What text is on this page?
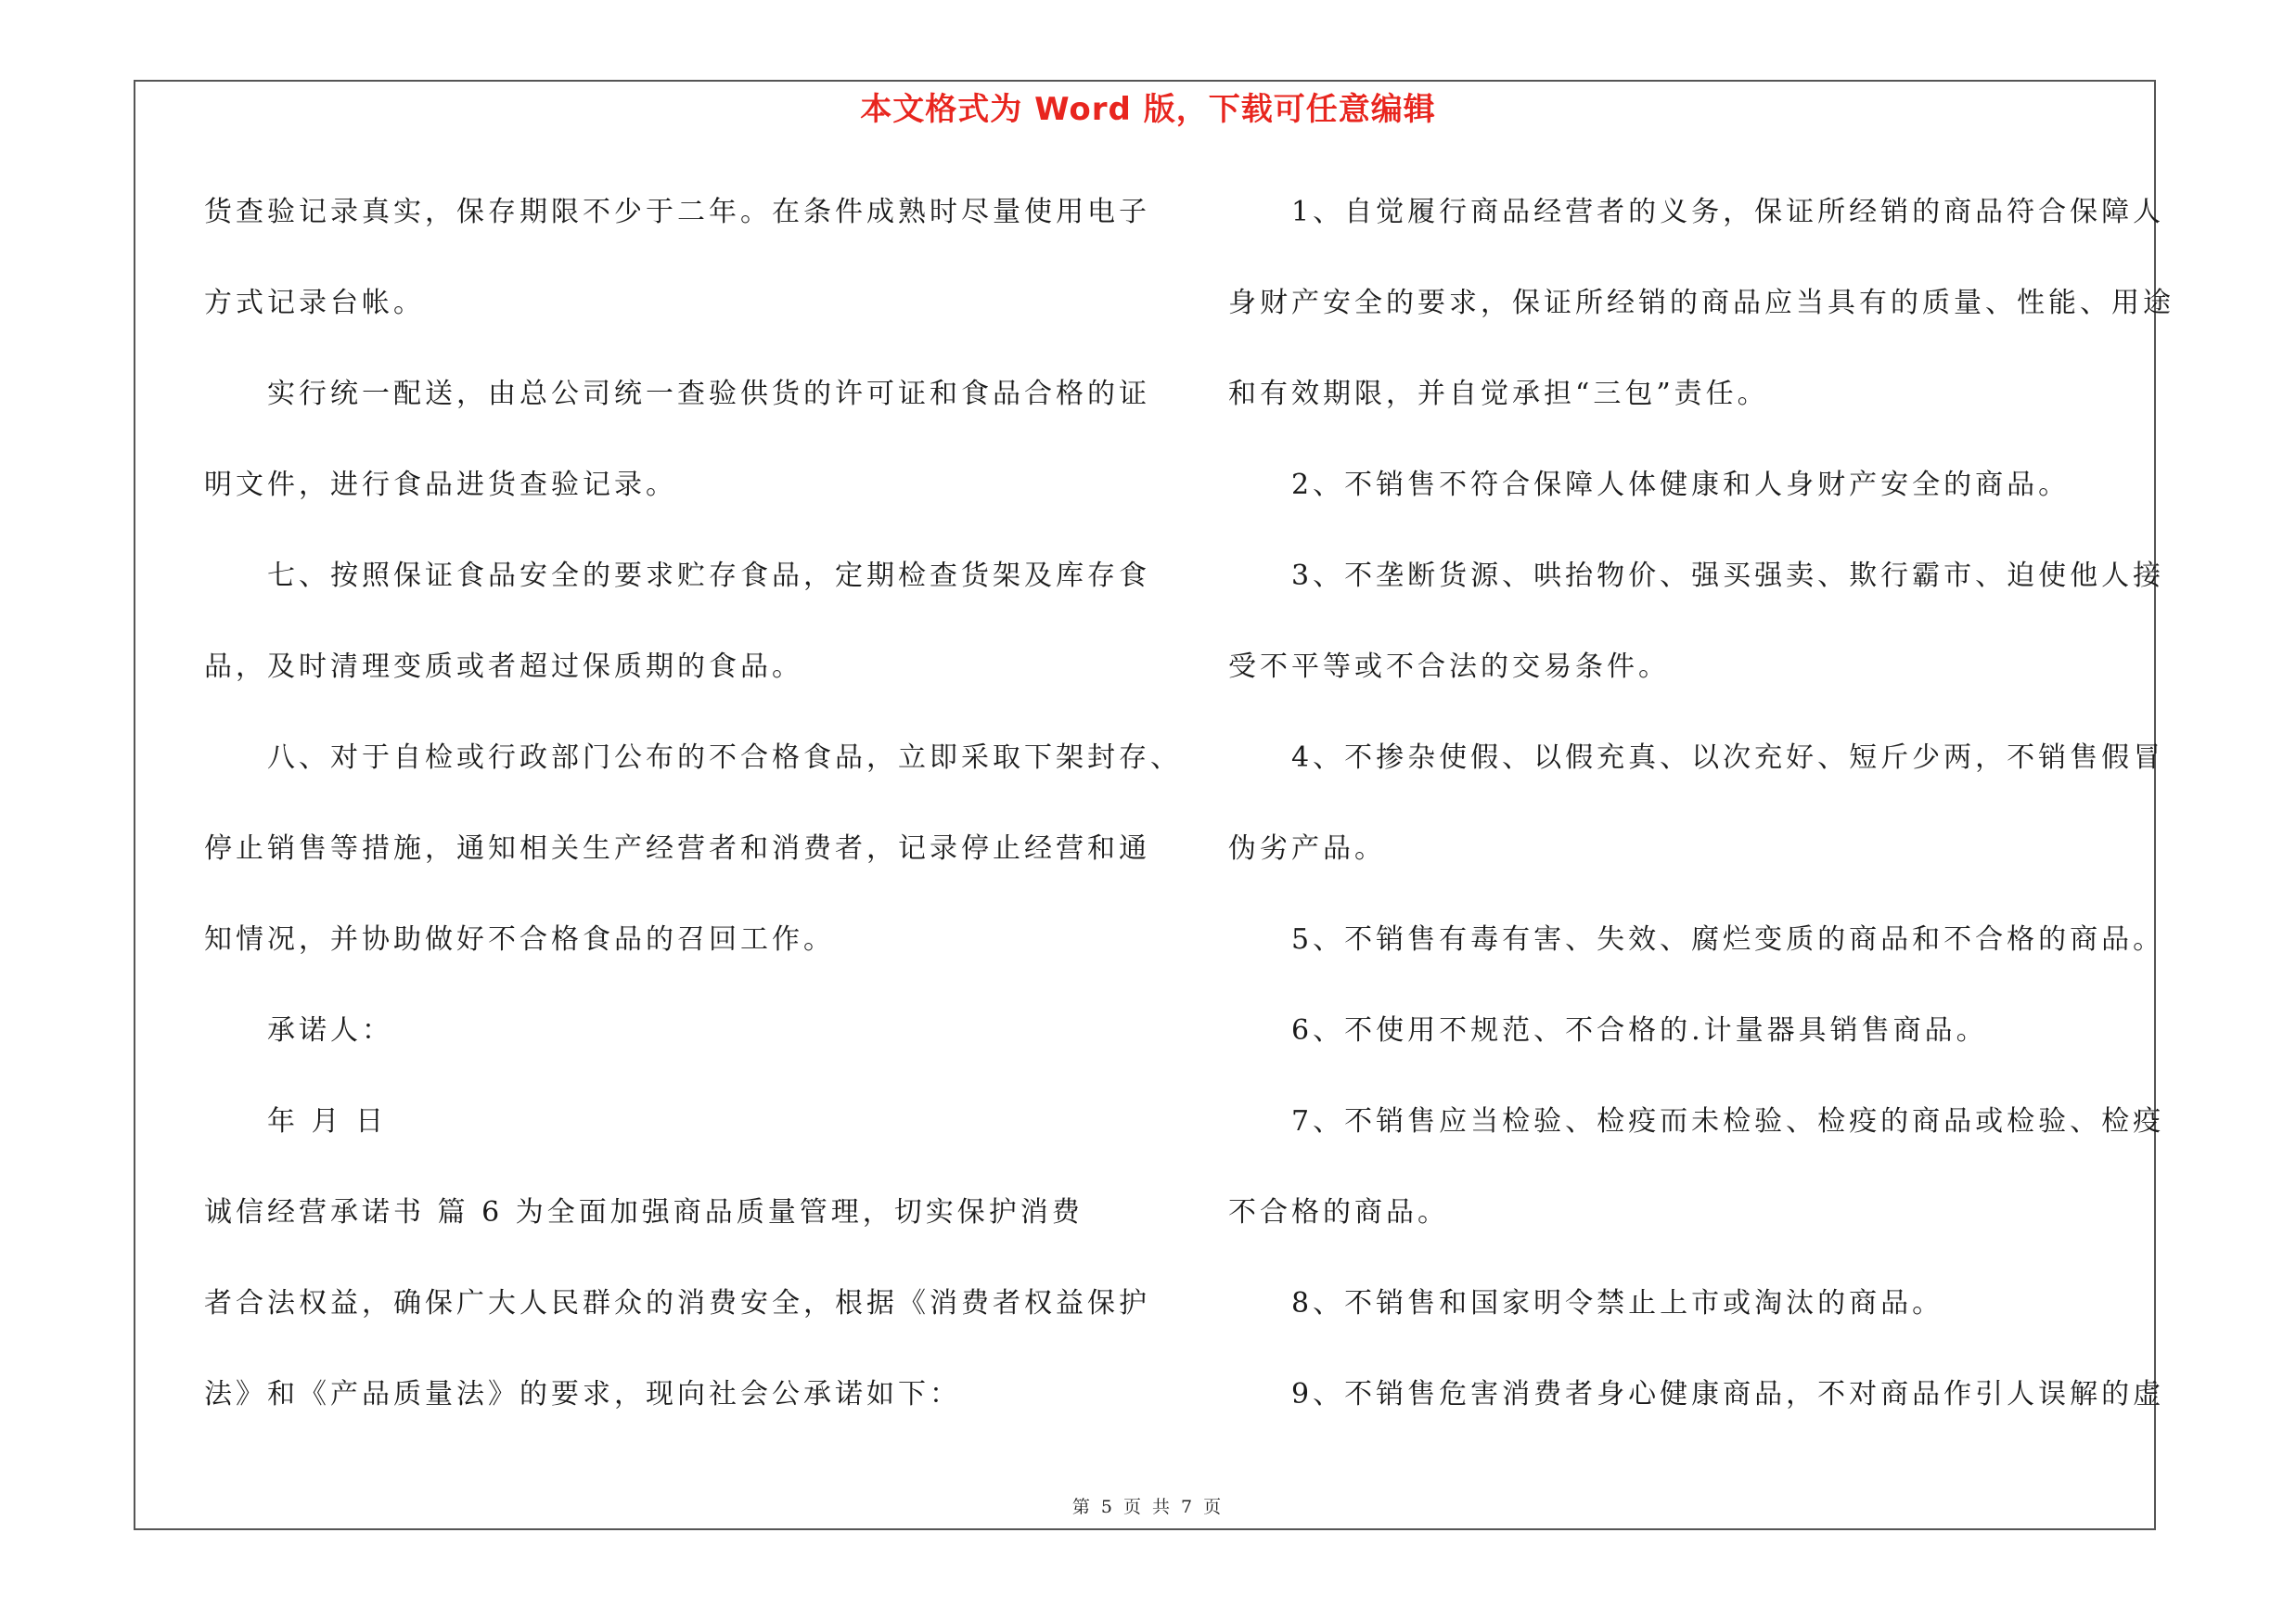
本文格式为 Word 版，下载可任意编辑
货查验记录真实，保存期限不少于二年。在条件成熟时尽量使用电子
方式记录台帐。
实行统一配送，由总公司统一查验供货的许可证和食品合格的证
明文件，进行食品进货查验记录。
七、按照保证食品安全的要求贮存食品，定期检查货架及库存食
品，及时清理变质或者超过保质期的食品。
八、对于自检或行政部门公布的不合格食品，立即采取下架封存、
停止销售等措施，通知相关生产经营者和消费者，记录停止经营和通
知情况，并协助做好不合格食品的召回工作。
承诺人：
年 月 日
诚信经营承诺书 篇 6 为全面加强商品质量管理，切实保护消费
者合法权益，确保广大人民群众的消费安全，根据《消费者权益保护
法》和《产品质量法》的要求，现向社会公承诺如下：
1、自觉履行商品经营者的义务，保证所经销的商品符合保障人
身财产安全的要求，保证所经销的商品应当具有的质量、性能、用途
和有效期限，并自觉承担“三包”责任。
2、不销售不符合保障人体健康和人身财产安全的商品。
3、不垄断货源、哄抬物价、强买强卖、欺行霸市、迫使他人接
受不平等或不合法的交易条件。
4、不掺杂使假、以假充真、以次充好、短斤少两，不销售假冒
伪劣产品。
5、不销售有毒有害、失效、腐烂变质的商品和不合格的商品。
6、不使用不规范、不合格的.计量器具销售商品。
7、不销售应当检验、检疫而未检验、检疫的商品或检验、检疫
不合格的商品。
8、不销售和国家明令禁止上市或淘汰的商品。
9、不销售危害消费者身心健康商品，不对商品作引人误解的虚
第 5 页 共 7 页
